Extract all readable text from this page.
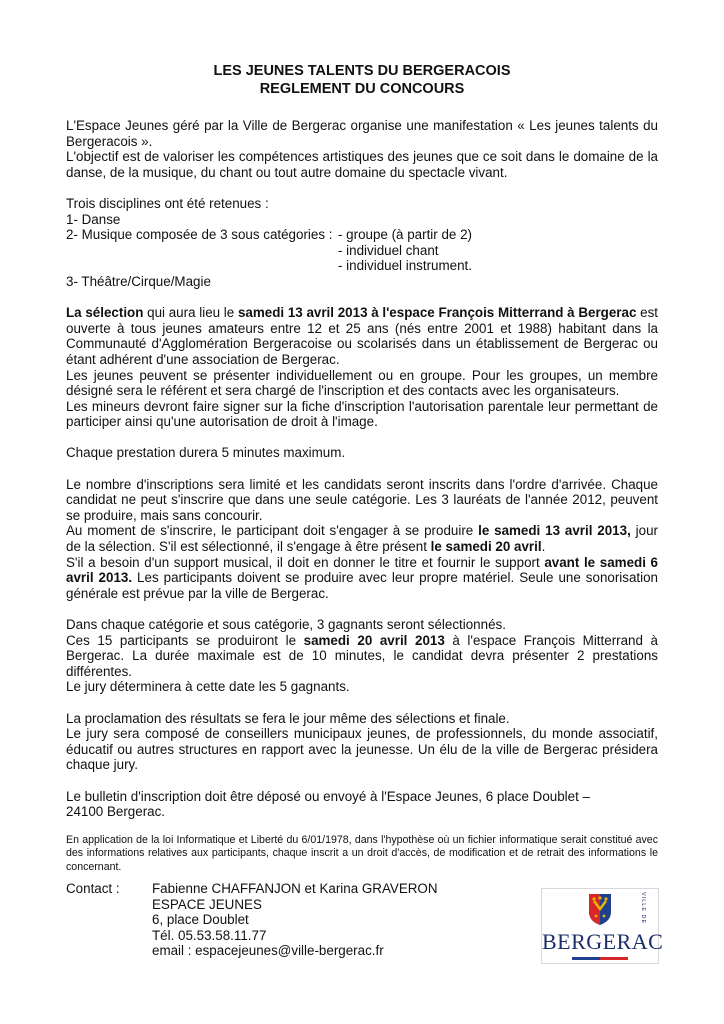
LES JEUNES TALENTS DU BERGERACOIS
REGLEMENT DU CONCOURS

L'Espace Jeunes géré par la Ville de Bergerac organise une manifestation « Les jeunes talents du Bergeracois ».

L'objectif est de valoriser les compétences artistiques des jeunes que ce soit dans le domaine de la danse, de la musique, du chant ou tout autre domaine du spectacle vivant.

Trois disciplines ont été retenues :
1- Danse
2- Musique composée de 3 sous catégories : - groupe (à partir de 2)
- individuel chant
- individuel instrument.
3- Théâtre/Cirque/Magie

La sélection qui aura lieu le samedi 13 avril 2013 à l'espace François Mitterrand à Bergerac est ouverte à tous jeunes amateurs entre 12 et 25 ans (nés entre 2001 et 1988) habitant dans la Communauté d'Agglomération Bergeracoise ou scolarisés dans un établissement de Bergerac ou étant adhérent d'une association de Bergerac.

Les jeunes peuvent se présenter individuellement ou en groupe. Pour les groupes, un membre désigné sera le référent et sera chargé de l'inscription et des contacts avec les organisateurs.

Les mineurs devront faire signer sur la fiche d'inscription l'autorisation parentale leur permettant de participer ainsi qu'une autorisation de droit à l'image.

Chaque prestation durera 5 minutes maximum.

Le nombre d'inscriptions sera limité et les candidats seront inscrits dans l'ordre d'arrivée. Chaque candidat ne peut s'inscrire que dans une seule catégorie. Les 3 lauréats de l'année 2012, peuvent se produire, mais sans concourir.

Au moment de s'inscrire, le participant doit s'engager à se produire le samedi 13 avril 2013, jour de la sélection. S'il est sélectionné, il s'engage à être présent le samedi 20 avril.

S'il a besoin d'un support musical, il doit en donner le titre et fournir le support avant le samedi 6 avril 2013. Les participants doivent se produire avec leur propre matériel. Seule une sonorisation générale est prévue par la ville de Bergerac.

Dans chaque catégorie et sous catégorie, 3 gagnants seront sélectionnés.

Ces 15 participants se produiront le samedi 20 avril 2013 à l'espace François Mitterrand à Bergerac. La durée maximale est de 10 minutes, le candidat devra présenter 2 prestations différentes.

Le jury déterminera à cette date les 5 gagnants.

La proclamation des résultats se fera le jour même des sélections et finale.

Le jury sera composé de conseillers municipaux jeunes, de professionnels, du monde associatif, éducatif ou autres structures en rapport avec la jeunesse. Un élu de la ville de Bergerac présidera chaque jury.

Le bulletin d'inscription doit être déposé ou envoyé à l'Espace Jeunes, 6 place Doublet –
24100 Bergerac.

En application de la loi Informatique et Liberté du 6/01/1978, dans l'hypothèse où un fichier informatique serait constitué avec des informations relatives aux participants, chaque inscrit a un droit d'accès, de modification et de retrait des informations le concernant.

Contact :	Fabienne CHAFFANJON et Karina GRAVERON
ESPACE JEUNES
6, place Doublet
Tél. 05.53.58.11.77
email : espacejeunes@ville-bergerac.fr
VILLE DE
BERGERAC
